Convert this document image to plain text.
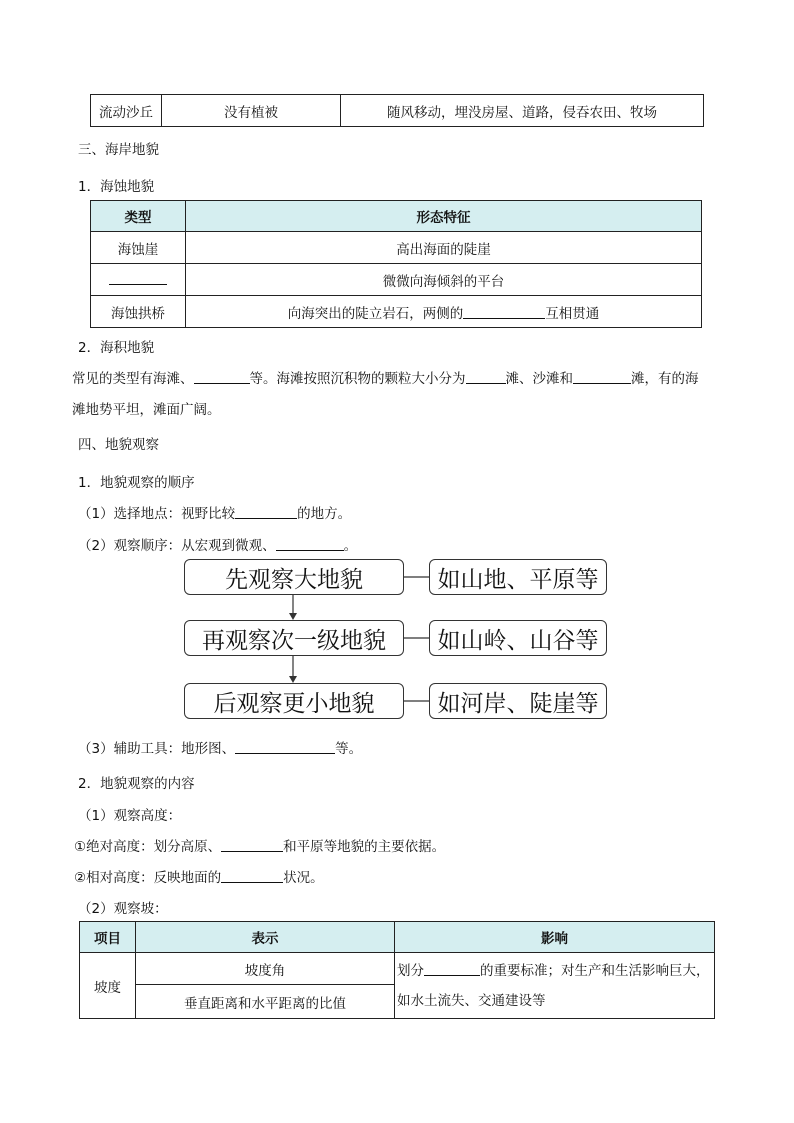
流动沙丘	没有植被	随风移动，埋没房屋、道路，侵吞农田、牧场
三、海岸地貌
1．海蚀地貌
类型	形态特征
海蚀崖	高出海面的陡崖
	微微向海倾斜的平台
海蚀拱桥	向海突出的陡立岩石，两侧的 互相贯通
2．海积地貌
常见的类型有海滩、	等。海滩按照沉积物的颗粒大小分为	滩、沙滩和	滩，有的海
滩地势平坦，滩面广阔。
四、地貌观察
1．地貌观察的顺序
（1）选择地点：视野比较	的地方。
（2）观察顺序：从宏观到微观、	。
先观察大地貌	如山地、平原等
再观察次一级地貌	如山岭、山谷等
后观察更小地貌	如河岸、陡崖等
（3）辅助工具：地形图、	等。
2．地貌观察的内容
（1）观察高度：
①绝对高度：划分高原、	和平原等地貌的主要依据。
②相对高度：反映地面的	状况。
（2）观察坡：
项目	表示	影响
坡度	坡度角	划分 的重要标准；对生产和生活影响巨大，
如水土流失、交通建设等
	垂直距离和水平距离的比值	
